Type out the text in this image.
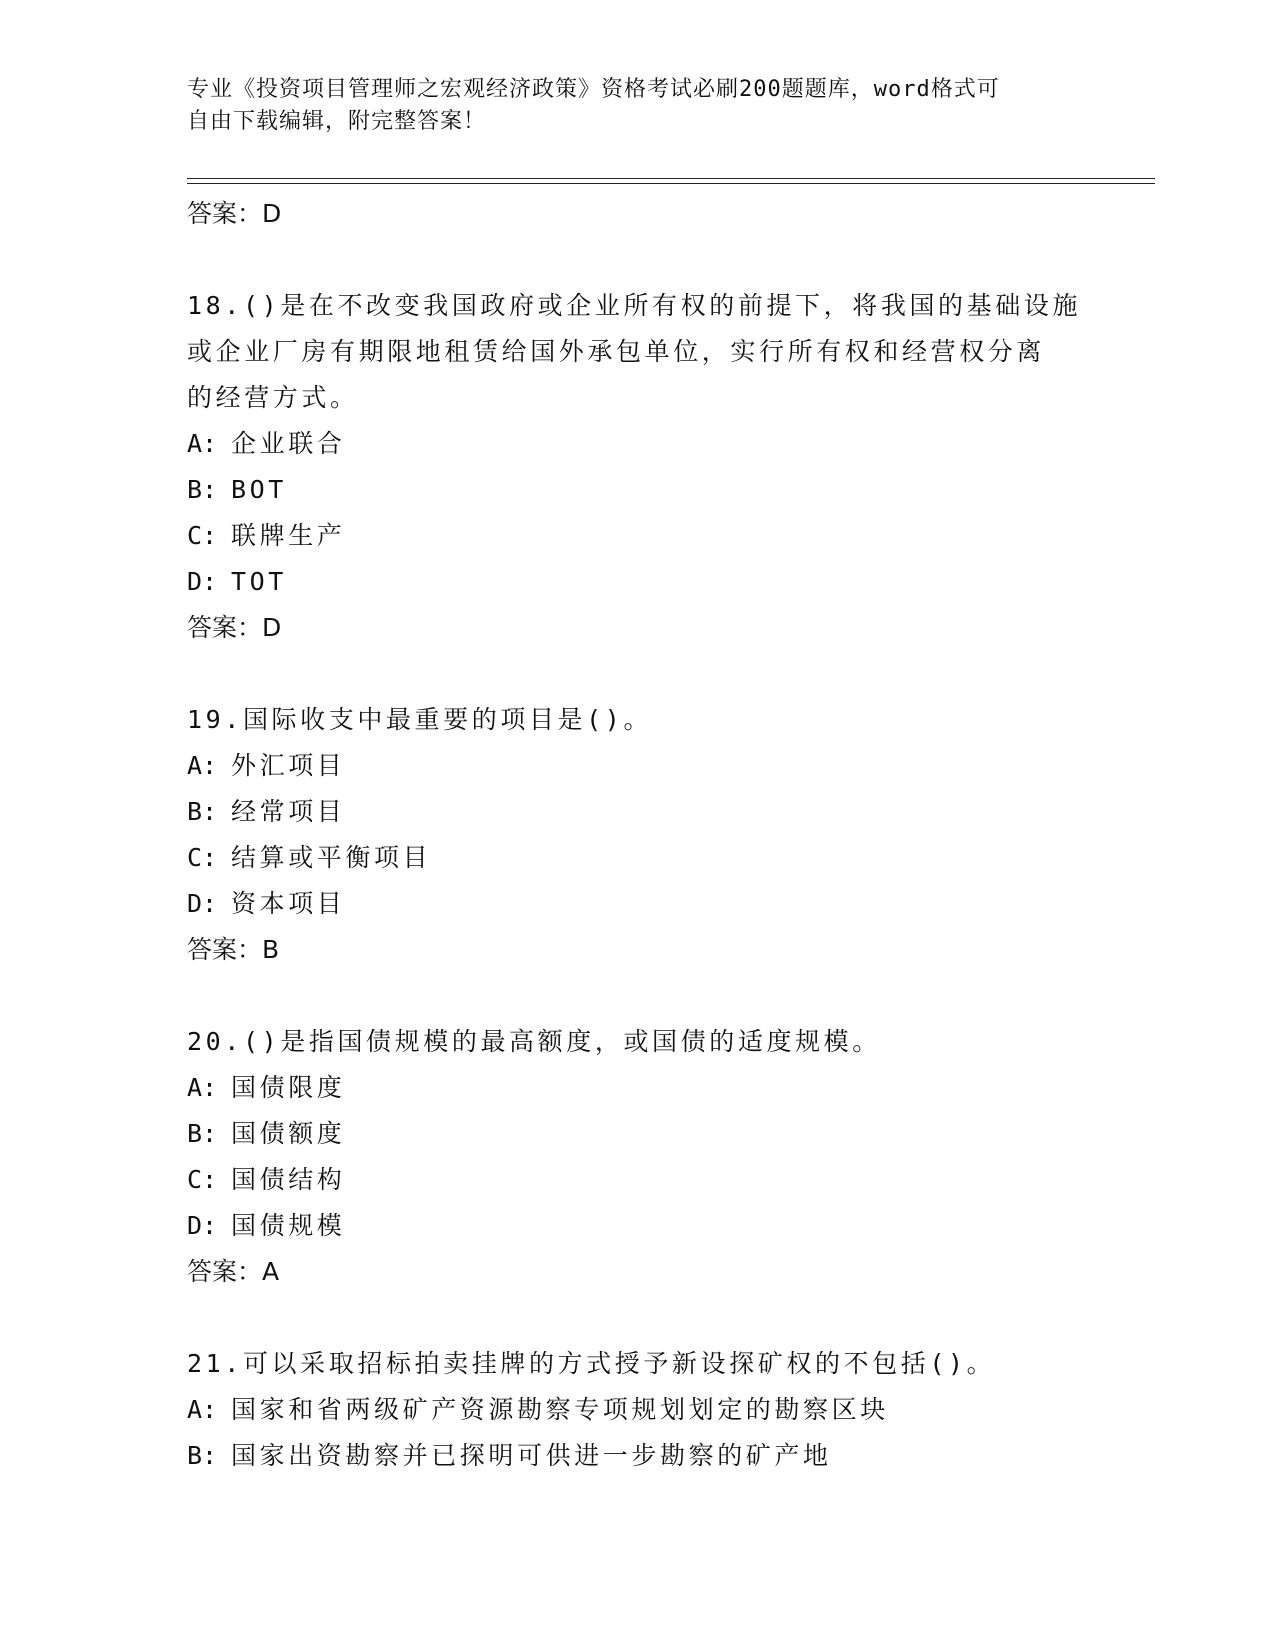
专业《投资项目管理师之宏观经济政策》资格考试必刷200题题库，word格式可
自由下载编辑，附完整答案！
答案：D
18.()是在不改变我国政府或企业所有权的前提下，将我国的基础设施
或企业厂房有期限地租赁给国外承包单位，实行所有权和经营权分离
的经营方式。
A: 企业联合
B: BOT
C: 联牌生产
D: TOT
答案：D
19.国际收支中最重要的项目是()。
A: 外汇项目
B: 经常项目
C: 结算或平衡项目
D: 资本项目
答案：B
20.()是指国债规模的最高额度，或国债的适度规模。
A: 国债限度
B: 国债额度
C: 国债结构
D: 国债规模
答案：A
21.可以采取招标拍卖挂牌的方式授予新设探矿权的不包括()。
A: 国家和省两级矿产资源勘察专项规划划定的勘察区块
B: 国家出资勘察并已探明可供进一步勘察的矿产地
